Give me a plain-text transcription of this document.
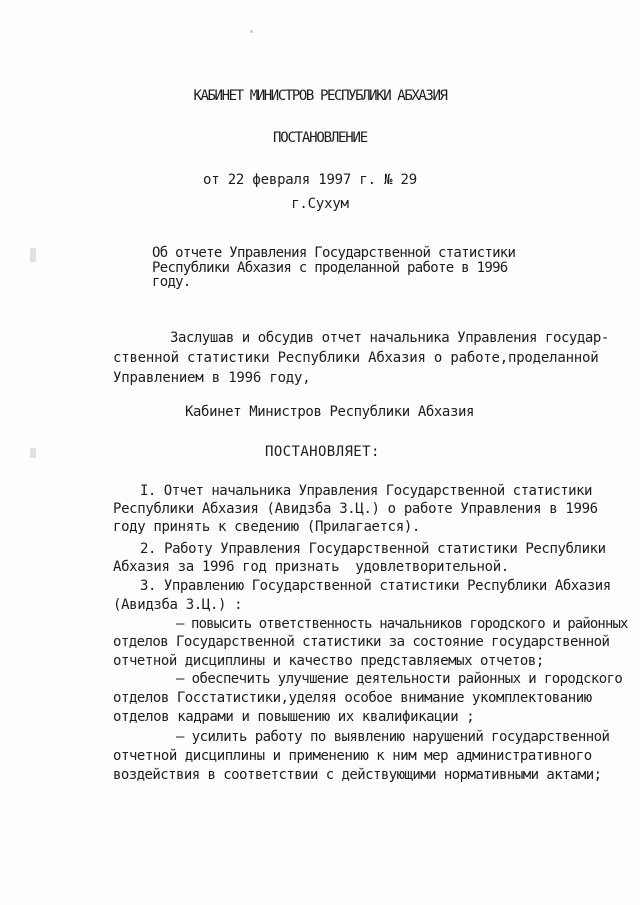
КАБИНЕТ МИНИСТРОВ РЕСПУБЛИКИ АБХАЗИЯ
ПОСТАНОВЛЕНИЕ
от 22 февраля 1997 г. № 29
г.Сухум
Об отчете Управления Государственной статистики
Республики Абхазия с проделанной работе в 1996
году.
Заслушав и обсудив отчет начальника Управления государ-
ственной статистики Республики Абхазия о работе,проделанной
Управлением в 1996 году,
Кабинет Министров Республики Абхазия
ПОСТАНОВЛЯЕТ:
I. Отчет начальника Управления Государственной статистики
Республики Абхазия (Авидзба З.Ц.) о работе Управления в 1996
году принять к сведению (Прилагается).
2. Работу Управления Государственной статистики Республики
Абхазия за 1996 год признать  удовлетворительной.
3. Управлению Государственной статистики Республики Абхазия
(Авидзба З.Ц.) :
– повысить ответственность начальников городского и районных
отделов Государственной статистики за состояние государственной
отчетной дисциплины и качество представляемых отчетов;
– обеспечить улучшение деятельности районных и городского
отделов Госстатистики,уделяя особое внимание укомплектованию
отделов кадрами и повышению их квалификации ;
– усилить работу по выявлению нарушений государственной
отчетной дисциплины и применению к ним мер административного
воздействия в соответствии с действующими нормативными актами;
